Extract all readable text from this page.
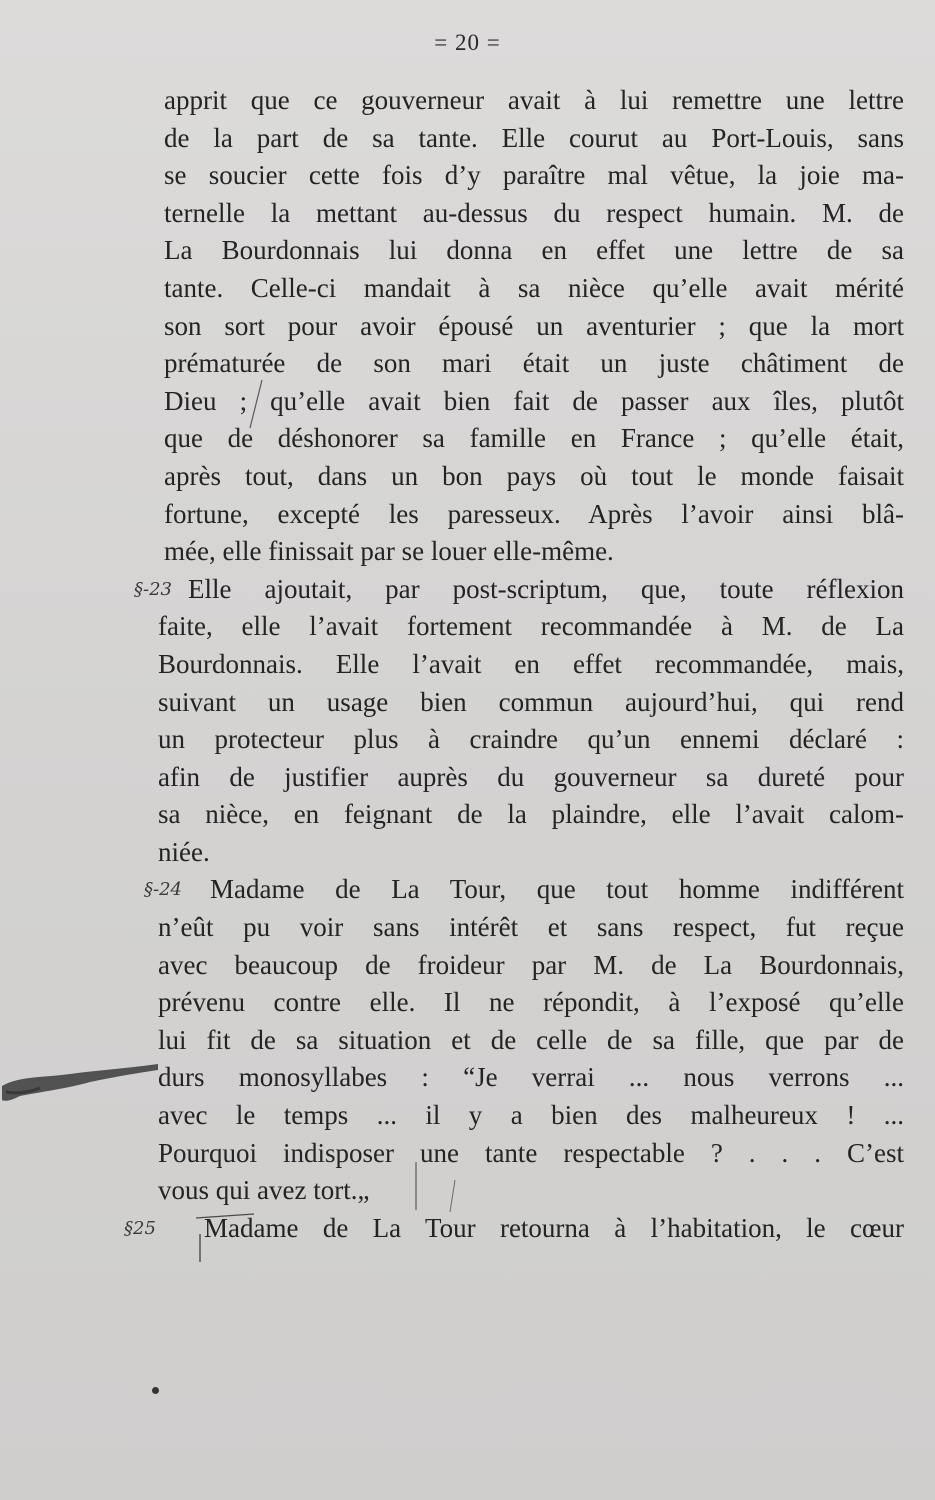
= 20 =
apprit que ce gouverneur avait à lui remettre une lettre
de la part de sa tante. Elle courut au Port-Louis, sans
se soucier cette fois d’y paraître mal vêtue, la joie ma-
ternelle la mettant au-dessus du respect humain. M. de
La Bourdonnais lui donna en effet une lettre de sa
tante. Celle-ci mandait à sa nièce qu’elle avait mérité
son sort pour avoir épousé un aventurier ; que la mort
prématurée de son mari était un juste châtiment de
Dieu ; qu’elle avait bien fait de passer aux îles, plutôt
que de déshonorer sa famille en France ; qu’elle était,
après tout, dans un bon pays où tout le monde faisait
fortune, excepté les paresseux. Après l’avoir ainsi blâ-
mée, elle finissait par se louer elle-même.
§-23 Elle ajoutait, par post-scriptum, que, toute réflexion
faite, elle l’avait fortement recommandée à M. de La
Bourdonnais. Elle l’avait en effet recommandée, mais,
suivant un usage bien commun aujourd’hui, qui rend
un protecteur plus à craindre qu’un ennemi déclaré :
afin de justifier auprès du gouverneur sa dureté pour
sa nièce, en feignant de la plaindre, elle l’avait calom-
niée.
§-24 Madame de La Tour, que tout homme indifférent
n’eût pu voir sans intérêt et sans respect, fut reçue
avec beaucoup de froideur par M. de La Bourdonnais,
prévenu contre elle. Il ne répondit, à l’exposé qu’elle
lui fit de sa situation et de celle de sa fille, que par de
durs monosyllabes : “Je verrai ... nous verrons ...
avec le temps ... il y a bien des malheureux ! ...
Pourquoi indisposer une tante respectable ? . . . C’est
vous qui avez tort.„
§25 Madame de La Tour retourna à l’habitation, le cœur
